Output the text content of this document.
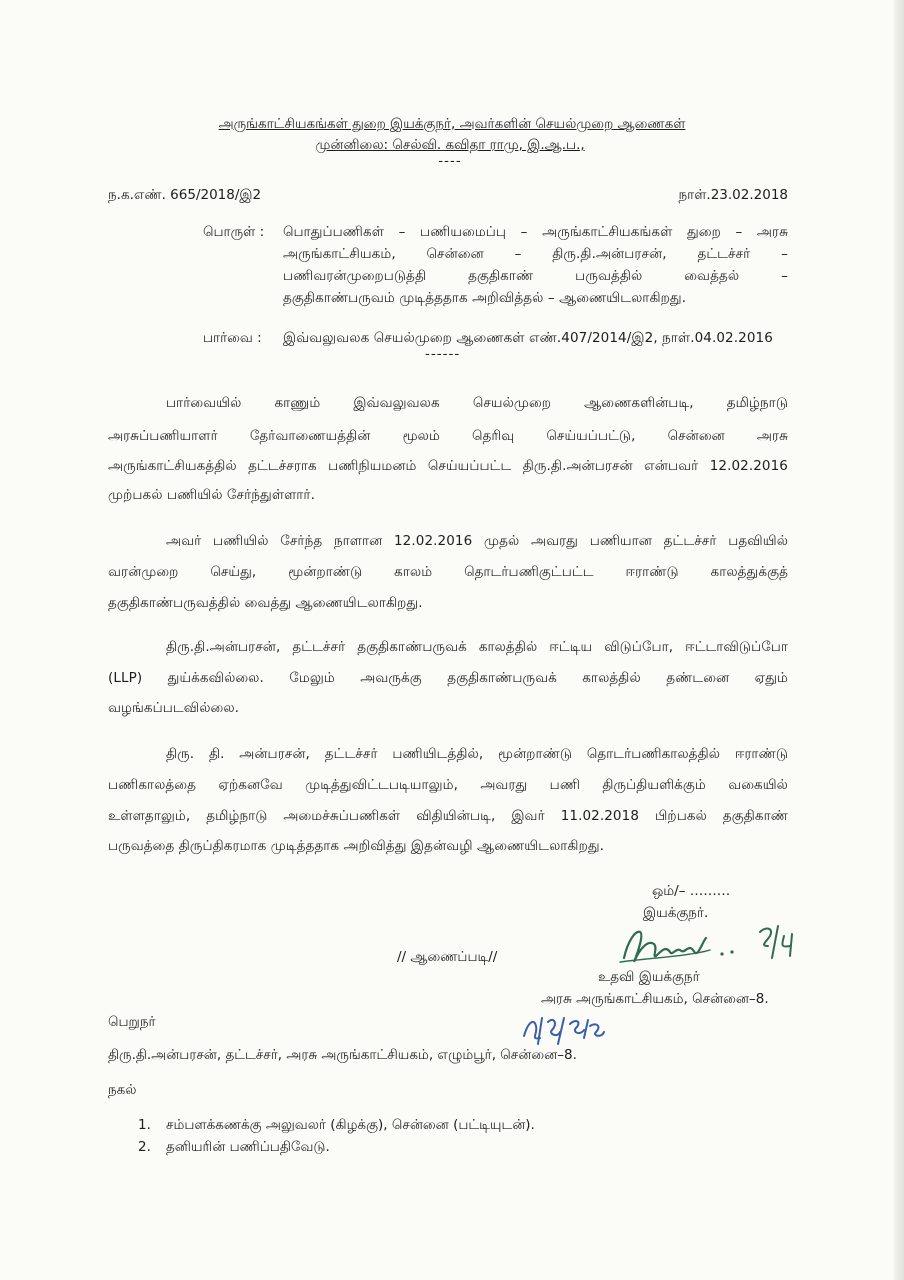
அருங்காட்சியகங்கள் துறை இயக்குநர், அவர்களின் செயல்முறை ஆணைகள்
முன்னிலை: செல்வி. கவிதா ராமு, இ.ஆ.ப.,
----
ந.க.எண். 665/2018/இ2	நாள்.23.02.2018
பொருள் : பொதுப்பணிகள் – பணியமைப்பு – அருங்காட்சியகங்கள் துறை – அரசு
அருங்காட்சியகம், சென்னை – திரு.தி.அன்பரசன், தட்டச்சர் –
பணிவரன்முறைபடுத்தி தகுதிகாண் பருவத்தில் வைத்தல் –
தகுதிகாண்பருவம் முடித்ததாக அறிவித்தல் – ஆணையிடலாகிறது.
பார்வை : இவ்வலுவலக செயல்முறை ஆணைகள் எண்.407/2014/இ2, நாள்.04.02.2016
------
பார்வையில் காணும் இவ்வலுவலக செயல்முறை ஆணைகளின்படி, தமிழ்நாடு
அரசுப்பணியாளர் தேர்வாணையத்தின் மூலம் தெரிவு செய்யப்பட்டு, சென்னை அரசு
அருங்காட்சியகத்தில் தட்டச்சராக பணிநியமனம் செய்யப்பட்ட திரு.தி.அன்பரசன் என்பவர் 12.02.2016
முற்பகல் பணியில் சேர்ந்துள்ளார்.
அவர் பணியில் சேர்ந்த நாளான 12.02.2016 முதல் அவரது பணியான தட்டச்சர் பதவியில்
வரன்முறை செய்து, மூன்றாண்டு காலம் தொடர்பணிகுட்பட்ட ஈராண்டு காலத்துக்குத்
தகுதிகாண்பருவத்தில் வைத்து ஆணையிடலாகிறது.
திரு.தி.அன்பரசன், தட்டச்சர் தகுதிகாண்பருவக் காலத்தில் ஈட்டிய விடுப்போ, ஈட்டாவிடுப்போ
(LLP) துய்க்கவில்லை. மேலும் அவருக்கு தகுதிகாண்பருவக் காலத்தில் தண்டனை ஏதும்
வழங்கப்படவில்லை.
திரு. தி. அன்பரசன், தட்டச்சர் பணியிடத்தில், மூன்றாண்டு தொடர்பணிகாலத்தில் ஈராண்டு
பணிகாலத்தை ஏற்கனவே முடித்துவிட்டபடியாலும், அவரது பணி திருப்தியளிக்கும் வகையில்
உள்ளதாலும், தமிழ்நாடு அமைச்சுப்பணிகள் விதியின்படி, இவர் 11.02.2018 பிற்பகல் தகுதிகாண்
பருவத்தை திருப்திகரமாக முடித்ததாக அறிவித்து இதன்வழி ஆணையிடலாகிறது.
ஒம்/– ………
இயக்குநர்.
// ஆணைப்படி//
உதவி இயக்குநர்
அரசு அருங்காட்சியகம், சென்னை–8.
பெறுநர்
திரு.தி.அன்பரசன், தட்டச்சர், அரசு அருங்காட்சியகம், எழும்பூர், சென்னை–8.
நகல்
1. சம்பளக்கணக்கு அலுவலர் (கிழக்கு), சென்னை (பட்டியுடன்).
2. தனியரின் பணிப்பதிவேடு.
